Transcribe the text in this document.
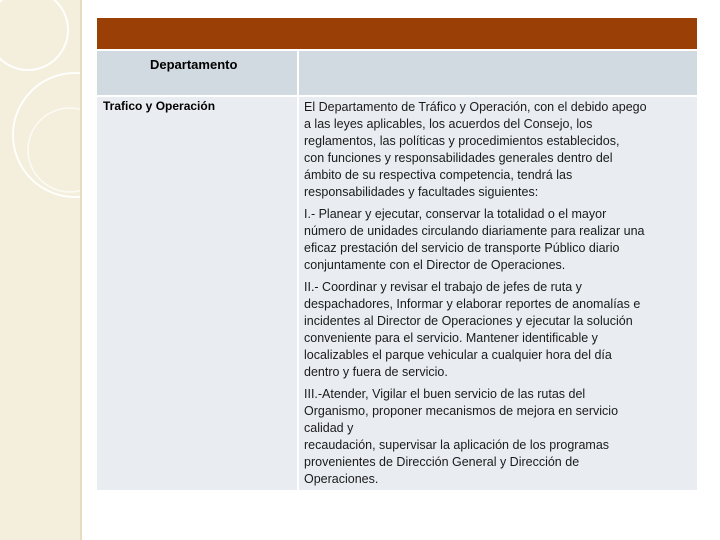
Departamento
Trafico y Operación	El Departamento de Tráfico y Operación, con el debido apego
a las leyes aplicables, los acuerdos del Consejo, los
reglamentos, las políticas y procedimientos establecidos,
con funciones y responsabilidades generales dentro del
ámbito de su respectiva competencia, tendrá las
responsabilidades y facultades siguientes:

I.- Planear y ejecutar, conservar la totalidad o el mayor
número de unidades circulando diariamente para realizar una
eficaz prestación del servicio de transporte Público diario
conjuntamente con el Director de Operaciones.

II.- Coordinar y revisar el trabajo de jefes de ruta y
despachadores, Informar y elaborar reportes de anomalías e
incidentes al Director de Operaciones y ejecutar la solución
conveniente para el servicio. Mantener identificable y
localizables el parque vehicular a cualquier hora del día
dentro y fuera de servicio.

III.-Atender, Vigilar el buen servicio de las rutas del
Organismo, proponer mecanismos de mejora en servicio
calidad y
recaudación, supervisar la aplicación de los programas
provenientes de Dirección General y Dirección de
Operaciones.
